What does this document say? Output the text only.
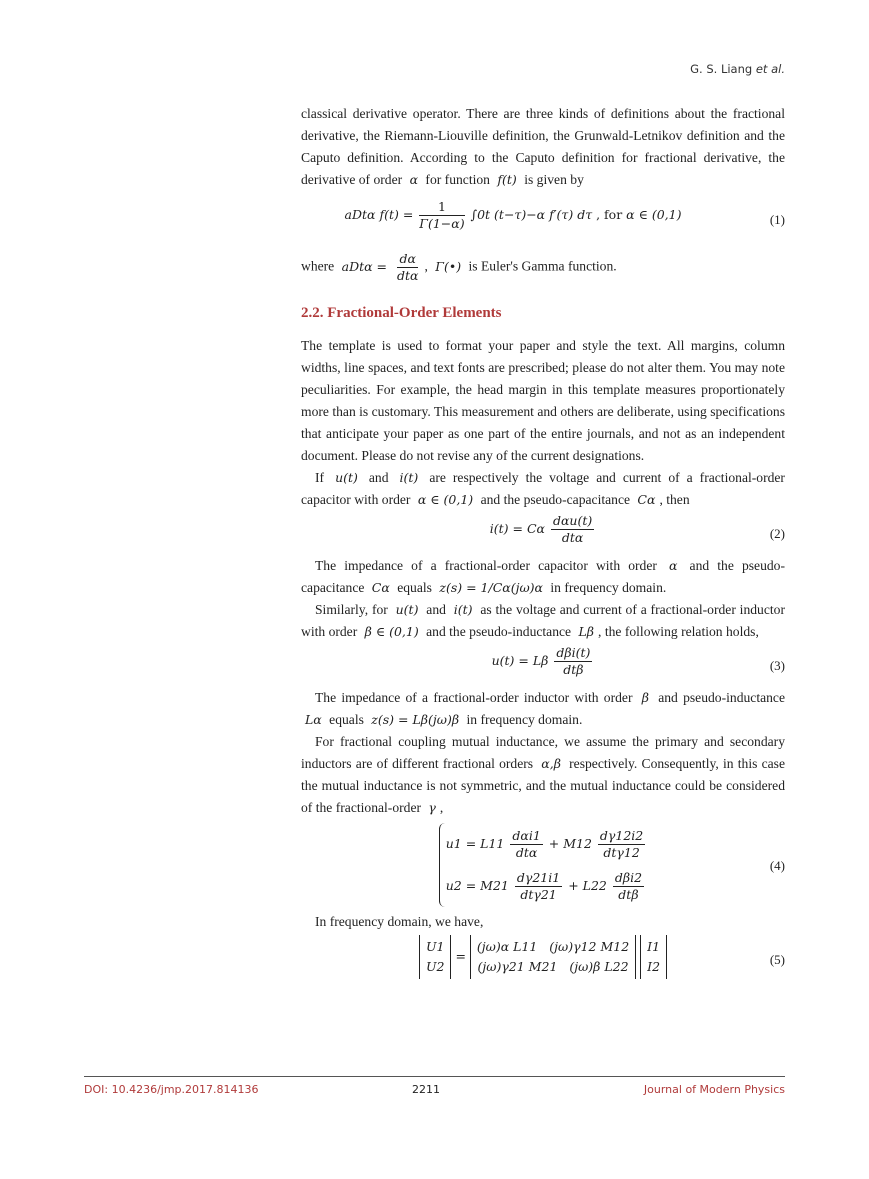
G. S. Liang et al.

classical derivative operator. There are three kinds of definitions about the fractional derivative, the Riemann-Liouville definition, the Grunwald-Letnikov definition and the Caputo definition. According to the Caputo definition for fractional derivative, the derivative of order α for function f(t) is given by

aDtα $f(t) = \frac{1}{\Gamma(1-\alpha)} \int 0t$ (t−τ)−α f′(τ) dτ , for α ∈ (0,1)	(1)

where $aDt\alpha = \frac{d\alpha}{\text{dtα}}$ , Γ(•) is Euler's Gamma function.

2.2. Fractional-Order Elements

The template is used to format your paper and style the text. All margins, column widths, line spaces, and text fonts are prescribed; please do not alter them. You may note peculiarities. For example, the head margin in this template measures proportionately more than is customary. This measurement and others are deliberate, using specifications that anticipate your paper as one part of the entire journals, and not as an independent document. Please do not revise any of the current designations.

If u(t) and i(t) are respectively the voltage and current of a fractional-order capacitor with order α ∈ (0,1) and the pseudo-capacitance Cα , then

i(t) = Cα $\frac{\text{dαu(t)}}{\text{dtα}}$	(2)

The impedance of a fractional-order capacitor with order α and the pseudo-capacitance Cα equals z(s) = 1/Cα(jω)α in frequency domain.

Similarly, for u(t) and i(t) as the voltage and current of a fractional-order inductor with order β ∈ (0,1) and the pseudo-inductance Lβ , the following relation holds,

u(t) = Lβ $\frac{\text{dβi(t)}}{\text{dtβ}}$	(3)

The impedance of a fractional-order inductor with order β and pseudo-inductance Lα equals z(s) = Lβ(jω)β in frequency domain.

For fractional coupling mutual inductance, we assume the primary and secondary inductors are of different fractional orders α,β respectively. Consequently, in this case the mutual inductance is not symmetric, and the mutual inductance could be considered of the fractional-order γ ,

$u1 = L11 \frac{\text{dαi1}}{\text{dtα}} + M12 \frac{d\gamma 12i2}{\text{dtγ12}}$
$u2 = M21 \frac{d\gamma 21i1}{\text{dtγ21}} + L22 \frac{\text{dβi2}}{\text{dtβ}}$
(4)

In frequency domain, we have,

U1
U2
=
(jω)α L11 (jω)γ12 M12
(jω)γ21 M21 (jω)β L22

I1
I2	(5)
DOI: 10.4236/jmp.2017.814136	2211	Journal of Modern Physics
